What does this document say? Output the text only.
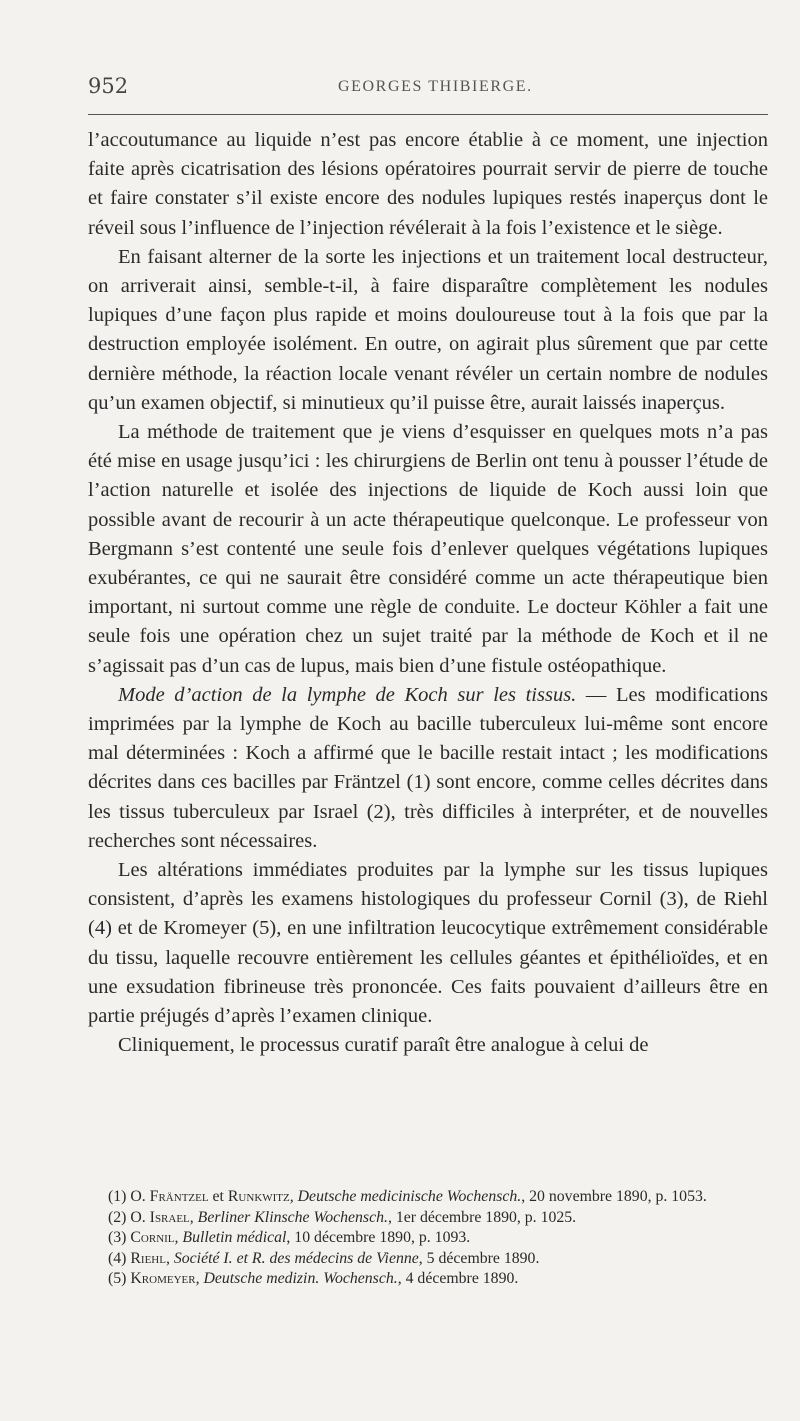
952	GEORGES THIBIERGE.

l’accoutumance au liquide n’est pas encore établie à ce moment, une injection faite après cicatrisation des lésions opératoires pourrait servir de pierre de touche et faire constater s’il existe encore des nodules lupiques restés inaperçus dont le réveil sous l’influence de l’injection révélerait à la fois l’existence et le siège.

En faisant alterner de la sorte les injections et un traitement local destructeur, on arriverait ainsi, semble-t-il, à faire disparaître complètement les nodules lupiques d’une façon plus rapide et moins douloureuse tout à la fois que par la destruction employée isolément. En outre, on agirait plus sûrement que par cette dernière méthode, la réaction locale venant révéler un certain nombre de nodules qu’un examen objectif, si minutieux qu’il puisse être, aurait laissés inaperçus.

La méthode de traitement que je viens d’esquisser en quelques mots n’a pas été mise en usage jusqu’ici : les chirurgiens de Berlin ont tenu à pousser l’étude de l’action naturelle et isolée des injections de liquide de Koch aussi loin que possible avant de recourir à un acte thérapeutique quelconque. Le professeur von Bergmann s’est contenté une seule fois d’enlever quelques végétations lupiques exubérantes, ce qui ne saurait être considéré comme un acte thérapeutique bien important, ni surtout comme une règle de conduite. Le docteur Köhler a fait une seule fois une opération chez un sujet traité par la méthode de Koch et il ne s’agissait pas d’un cas de lupus, mais bien d’une fistule ostéopathique.

Mode d’action de la lymphe de Koch sur les tissus. — Les modifications imprimées par la lymphe de Koch au bacille tuberculeux lui-même sont encore mal déterminées : Koch a affirmé que le bacille restait intact ; les modifications décrites dans ces bacilles par Fräntzel (1) sont encore, comme celles décrites dans les tissus tuberculeux par Israel (2), très difficiles à interpréter, et de nouvelles recherches sont nécessaires.

Les altérations immédiates produites par la lymphe sur les tissus lupiques consistent, d’après les examens histologiques du professeur Cornil (3), de Riehl (4) et de Kromeyer (5), en une infiltration leucocytique extrêmement considérable du tissu, laquelle recouvre entièrement les cellules géantes et épithélioïdes, et en une exsudation fibrineuse très prononcée. Ces faits pouvaient d’ailleurs être en partie préjugés d’après l’examen clinique.

Cliniquement, le processus curatif paraît être analogue à celui de

(1) O. Fräntzel et Runkwitz, Deutsche medicinische Wochensch., 20 novembre 1890, p. 1053.

(2) O. Israel, Berliner Klinsche Wochensch., 1er décembre 1890, p. 1025.

(3) Cornil, Bulletin médical, 10 décembre 1890, p. 1093.

(4) Riehl, Société I. et R. des médecins de Vienne, 5 décembre 1890.

(5) Kromeyer, Deutsche medizin. Wochensch., 4 décembre 1890.
